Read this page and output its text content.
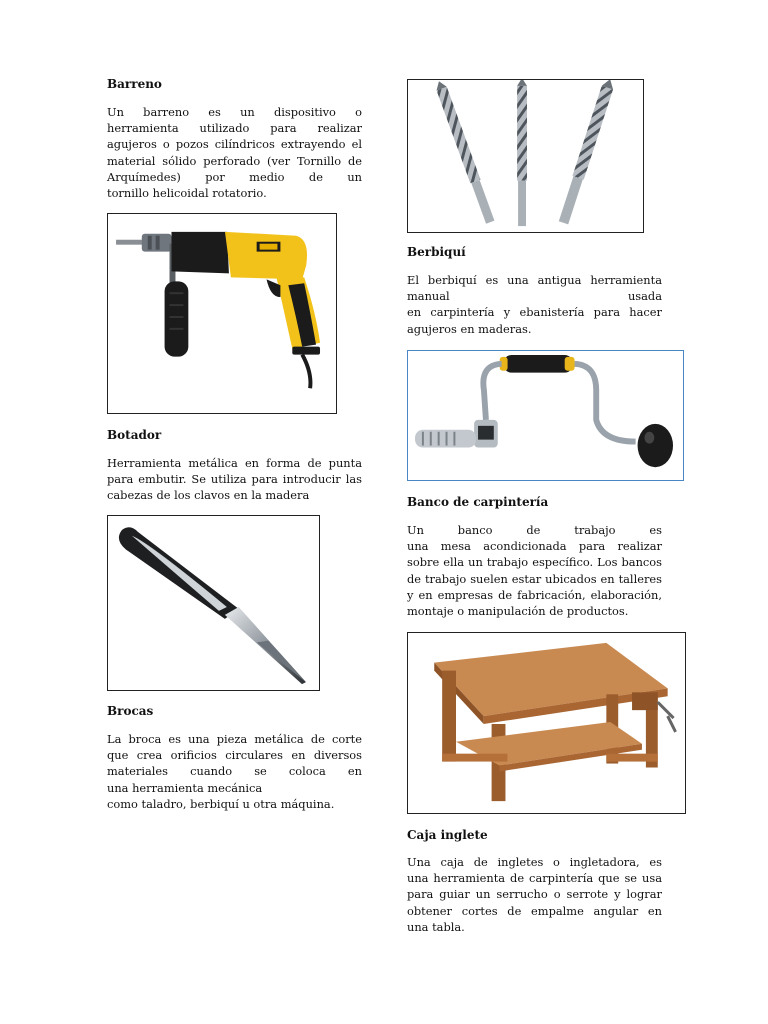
Barreno
Un barreno es un dispositivo o
herramienta utilizado para realizar
agujeros o pozos cilíndricos extrayendo el
material sólido perforado (ver Tornillo de
Arquímedes) por medio de un
tornillo helicoidal rotatorio.
Botador
Herramienta metálica en forma de punta
para embutir. Se utiliza para introducir las
cabezas de los clavos en la madera
Brocas
La broca es una pieza metálica de corte
que crea orificios circulares en diversos
materiales cuando se coloca en
una herramienta mecánica
como taladro, berbiquí u otra máquina.
Berbiquí
El berbiquí es una antigua herramienta
manual usada
en carpintería y ebanistería para hacer
agujeros en maderas.
Banco de carpintería
Un banco de trabajo es
una mesa acondicionada para realizar
sobre ella un trabajo específico. Los bancos
de trabajo suelen estar ubicados en talleres
y en empresas de fabricación, elaboración,
montaje o manipulación de productos.
Caja inglete
Una caja de ingletes o ingletadora, es
una herramienta de carpintería que se usa
para guiar un serrucho o serrote y lograr
obtener cortes de empalme angular en
una tabla.
